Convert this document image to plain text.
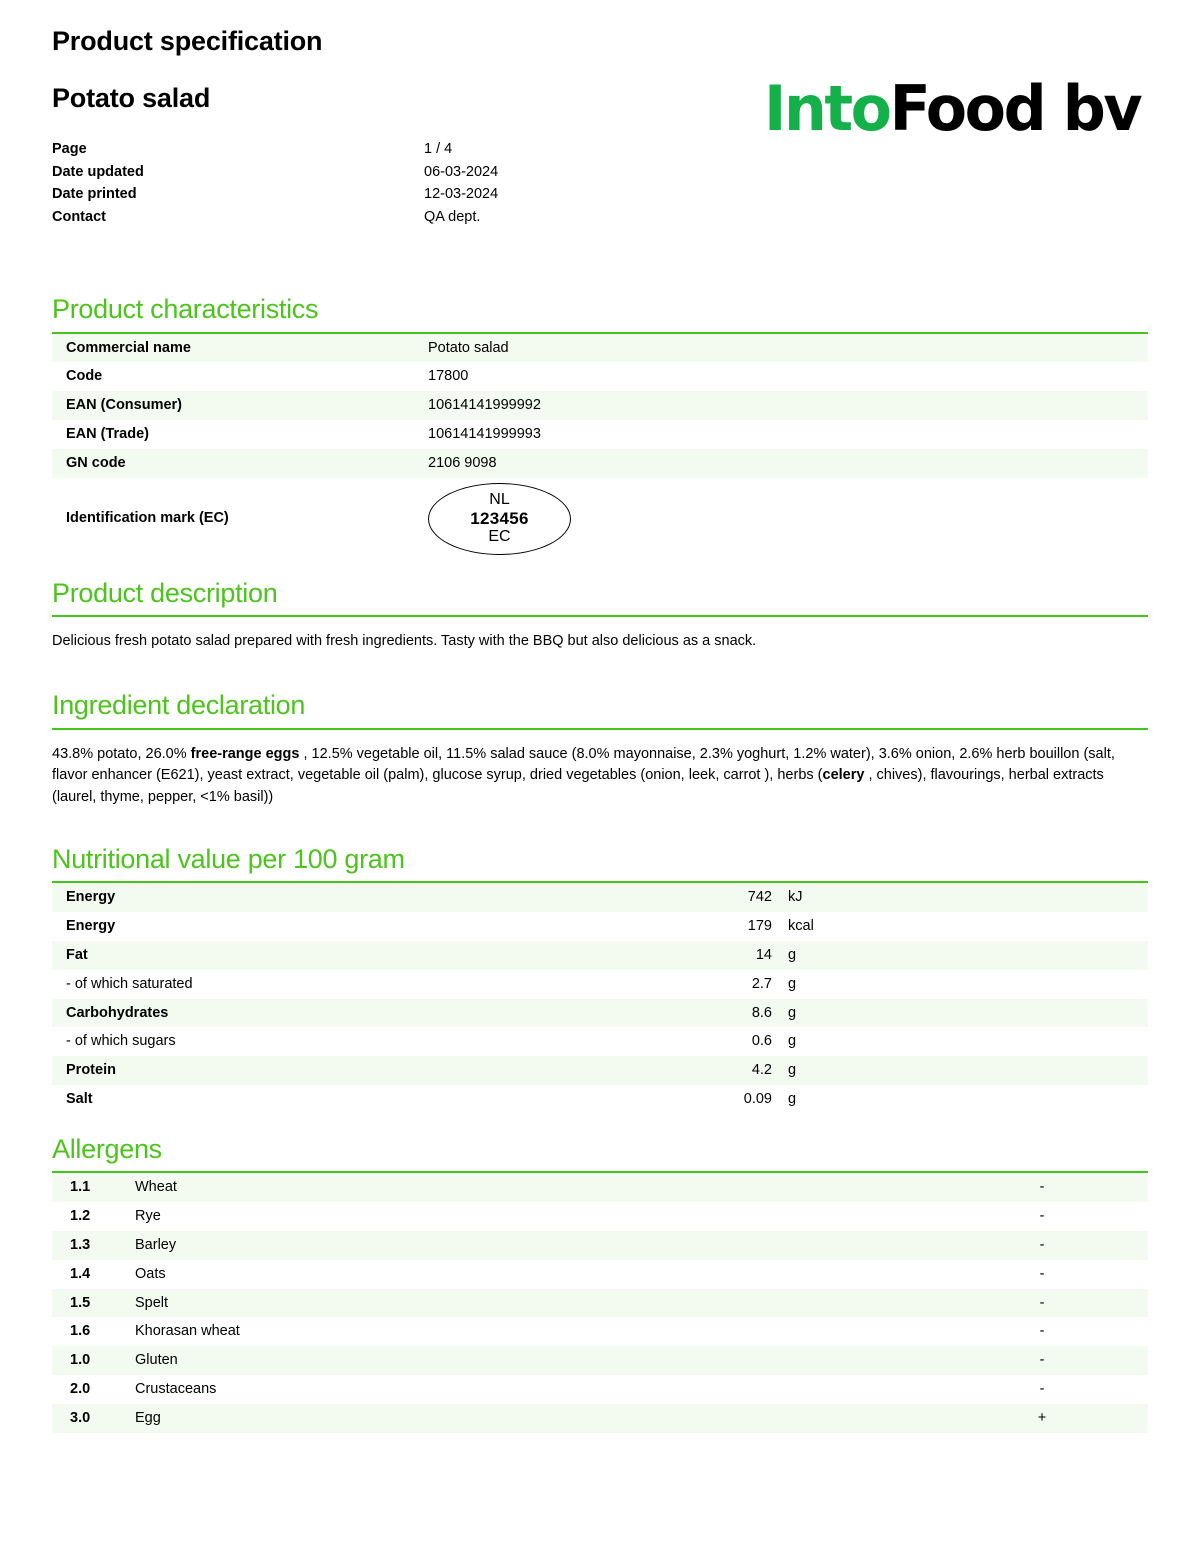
Product specification
Potato salad
Page	1 / 4
Date updated	06-03-2024
Date printed	12-03-2024
Contact	QA dept.
IntoFood bv
Product characteristics
Commercial name	Potato salad
Code	17800
EAN (Consumer)	10614141999992
EAN (Trade)	10614141999993
GN code	2106 9098
Identification mark (EC)	NL
123456
EC
Product description
Delicious fresh potato salad prepared with fresh ingredients. Tasty with the BBQ but also delicious as a snack.
Ingredient declaration
43.8% potato, 26.0% free-range eggs , 12.5% vegetable oil, 11.5% salad sauce (8.0% mayonnaise, 2.3% yoghurt, 1.2% water), 3.6% onion, 2.6% herb bouillon (salt, flavor enhancer (E621), yeast extract, vegetable oil (palm), glucose syrup, dried vegetables (onion, leek, carrot ), herbs (celery , chives), flavourings, herbal extracts (laurel, thyme, pepper, <1% basil))
Nutritional value per 100 gram
Energy	742	kJ
Energy	179	kcal
Fat	14	g
- of which saturated	2.7	g
Carbohydrates	8.6	g
- of which sugars	0.6	g
Protein	4.2	g
Salt	0.09	g
Allergens
1.1	Wheat	-
1.2	Rye	-
1.3	Barley	-
1.4	Oats	-
1.5	Spelt	-
1.6	Khorasan wheat	-
1.0	Gluten	-
2.0	Crustaceans	-
3.0	Egg	+
